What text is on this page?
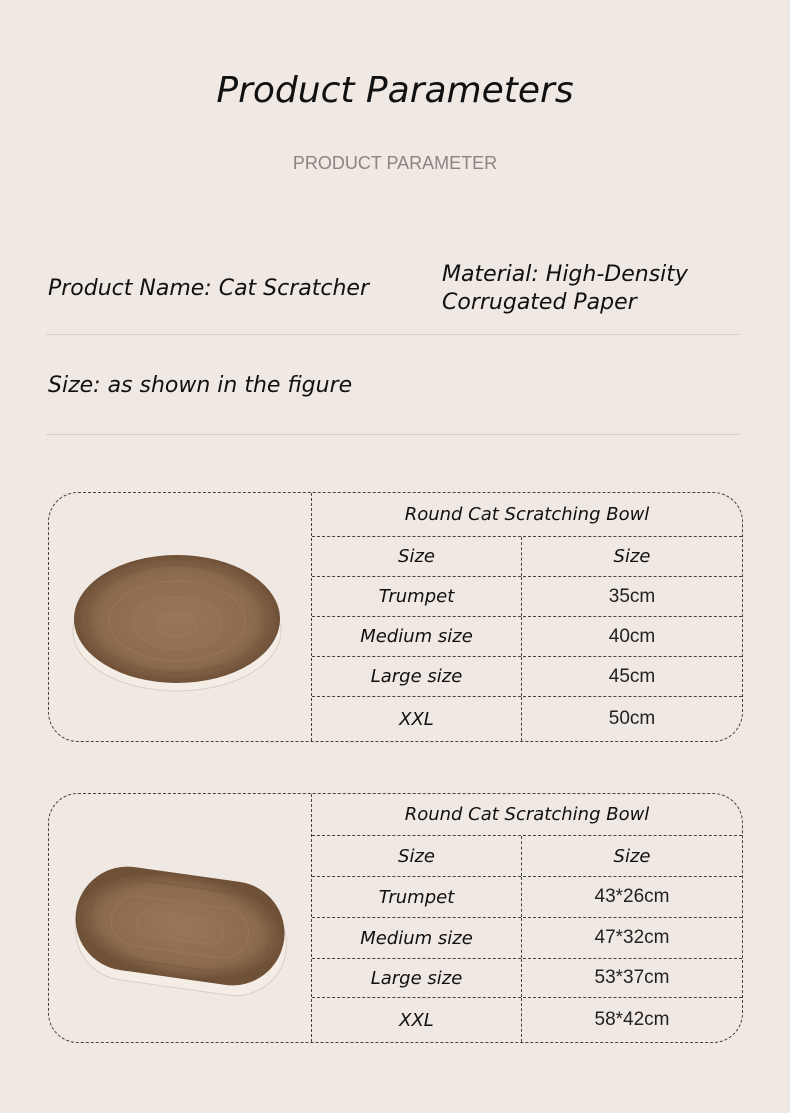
Product Parameters
PRODUCT PARAMETER
Product Name: Cat Scratcher
Material: High-Density
Corrugated Paper
Size: as shown in the figure
Round Cat Scratching Bowl
Size	Size
Trumpet	35cm
Medium size	40cm
Large size	45cm
XXL	50cm
Round Cat Scratching Bowl
Size	Size
Trumpet	43*26cm
Medium size	47*32cm
Large size	53*37cm
XXL	58*42cm
